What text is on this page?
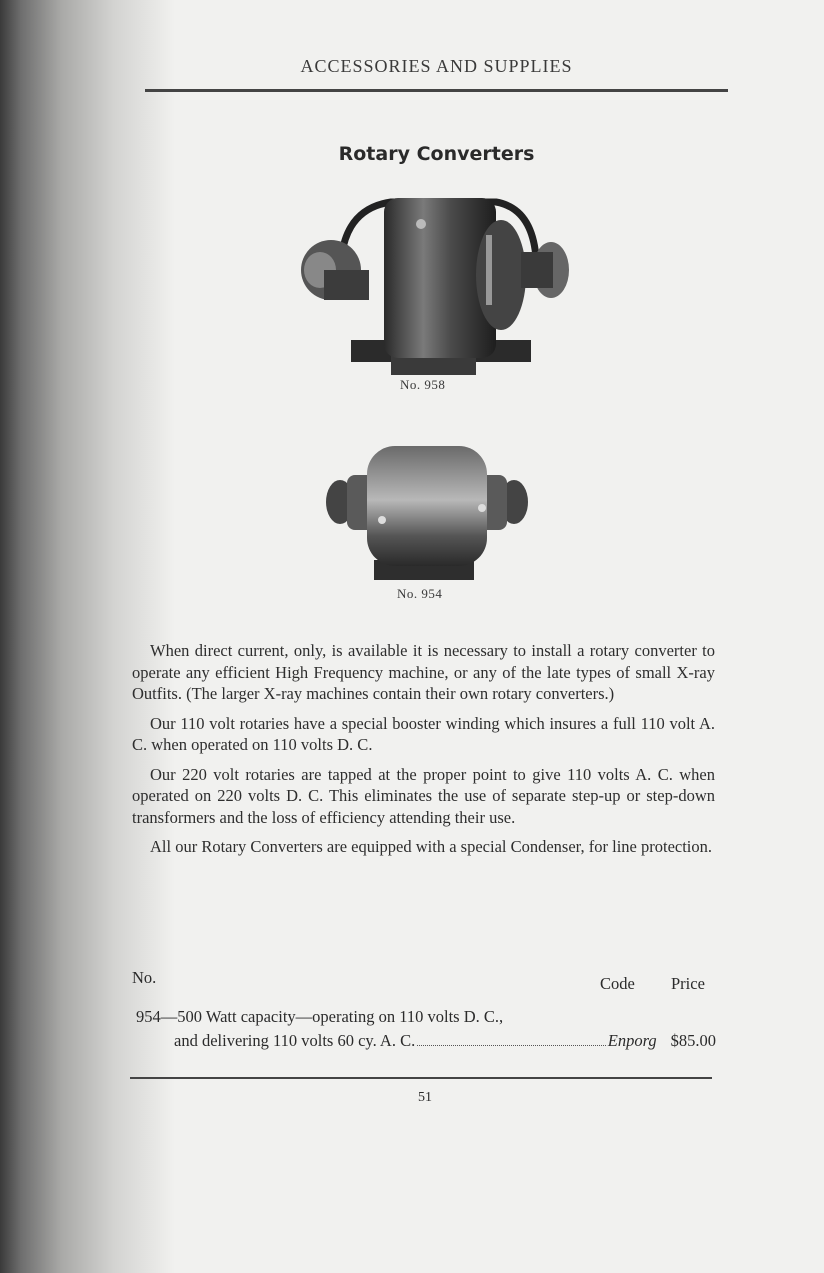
ACCESSORIES AND SUPPLIES
Rotary Converters
No. 958
No. 954

When direct current, only, is available it is necessary to install a rotary converter to operate any efficient High Frequency machine, or any of the late types of small X-ray Outfits. (The larger X-ray machines contain their own rotary converters.)

Our 110 volt rotaries have a special booster winding which insures a full 110 volt A. C. when operated on 110 volts D. C.

Our 220 volt rotaries are tapped at the proper point to give 110 volts A. C. when operated on 220 volts D. C. This eliminates the use of separate step-up or step-down transformers and the loss of efficiency attending their use.

All our Rotary Converters are equipped with a special Condenser, for line protection.

No.	Code Price
954—500 Watt capacity—operating on 110 volts D. C.,
and delivering 110 volts 60 cy. A. C.	Enporg $85.00
51
